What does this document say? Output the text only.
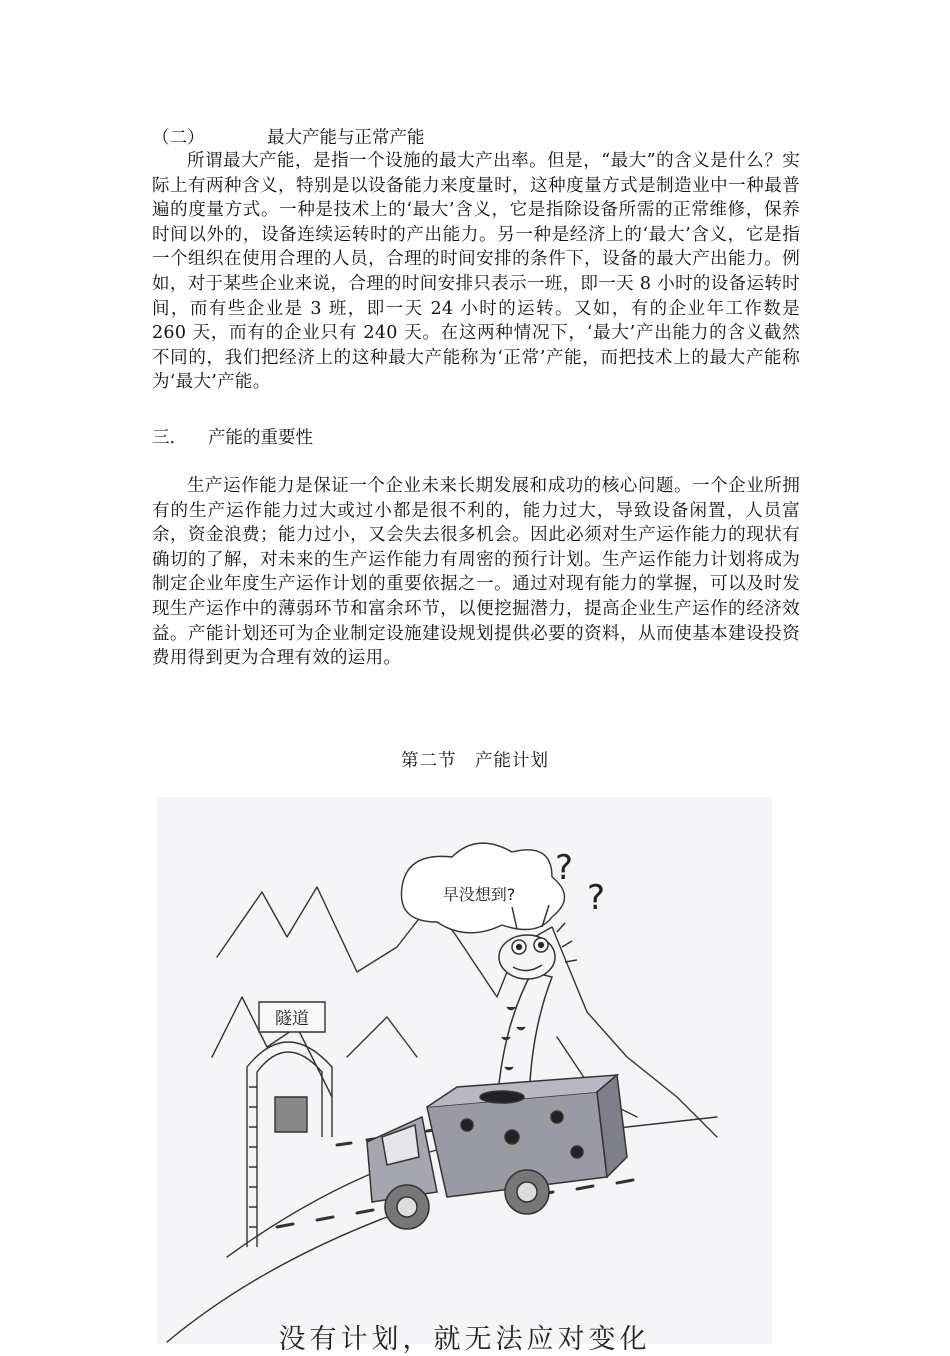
（二）	最大产能与正常产能

所谓最大产能，是指一个设施的最大产出率。但是，“最大”的含义是什么？实际上有两种含义，特别是以设备能力来度量时，这种度量方式是制造业中一种最普遍的度量方式。一种是技术上的‘最大’含义，它是指除设备所需的正常维修，保养时间以外的，设备连续运转时的产出能力。另一种是经济上的‘最大’含义，它是指一个组织在使用合理的人员，合理的时间安排的条件下，设备的最大产出能力。例如，对于某些企业来说，合理的时间安排只表示一班，即一天 8 小时的设备运转时间，而有些企业是 3 班，即一天 24 小时的运转。又如，有的企业年工作数是 260 天，而有的企业只有 240 天。在这两种情况下，‘最大’产出能力的含义截然不同的，我们把经济上的这种最大产能称为‘正常’产能，而把技术上的最大产能称为‘最大’产能。

三. 产能的重要性

生产运作能力是保证一个企业未来长期发展和成功的核心问题。一个企业所拥有的生产运作能力过大或过小都是很不利的，能力过大，导致设备闲置，人员富余，资金浪费；能力过小，又会失去很多机会。因此必须对生产运作能力的现状有确切的了解，对未来的生产运作能力有周密的预行计划。生产运作能力计划将成为制定企业年度生产运作计划的重要依据之一。通过对现有能力的掌握，可以及时发现生产运作中的薄弱环节和富余环节，以便挖掘潜力，提高企业生产运作的经济效益。产能计划还可为企业制定设施建设规划提供必要的资料，从而使基本建设投资费用得到更为合理有效的运用。

第二节　产能计划
隧道
早没想到?
?
?
没有计划，就无法应对变化
